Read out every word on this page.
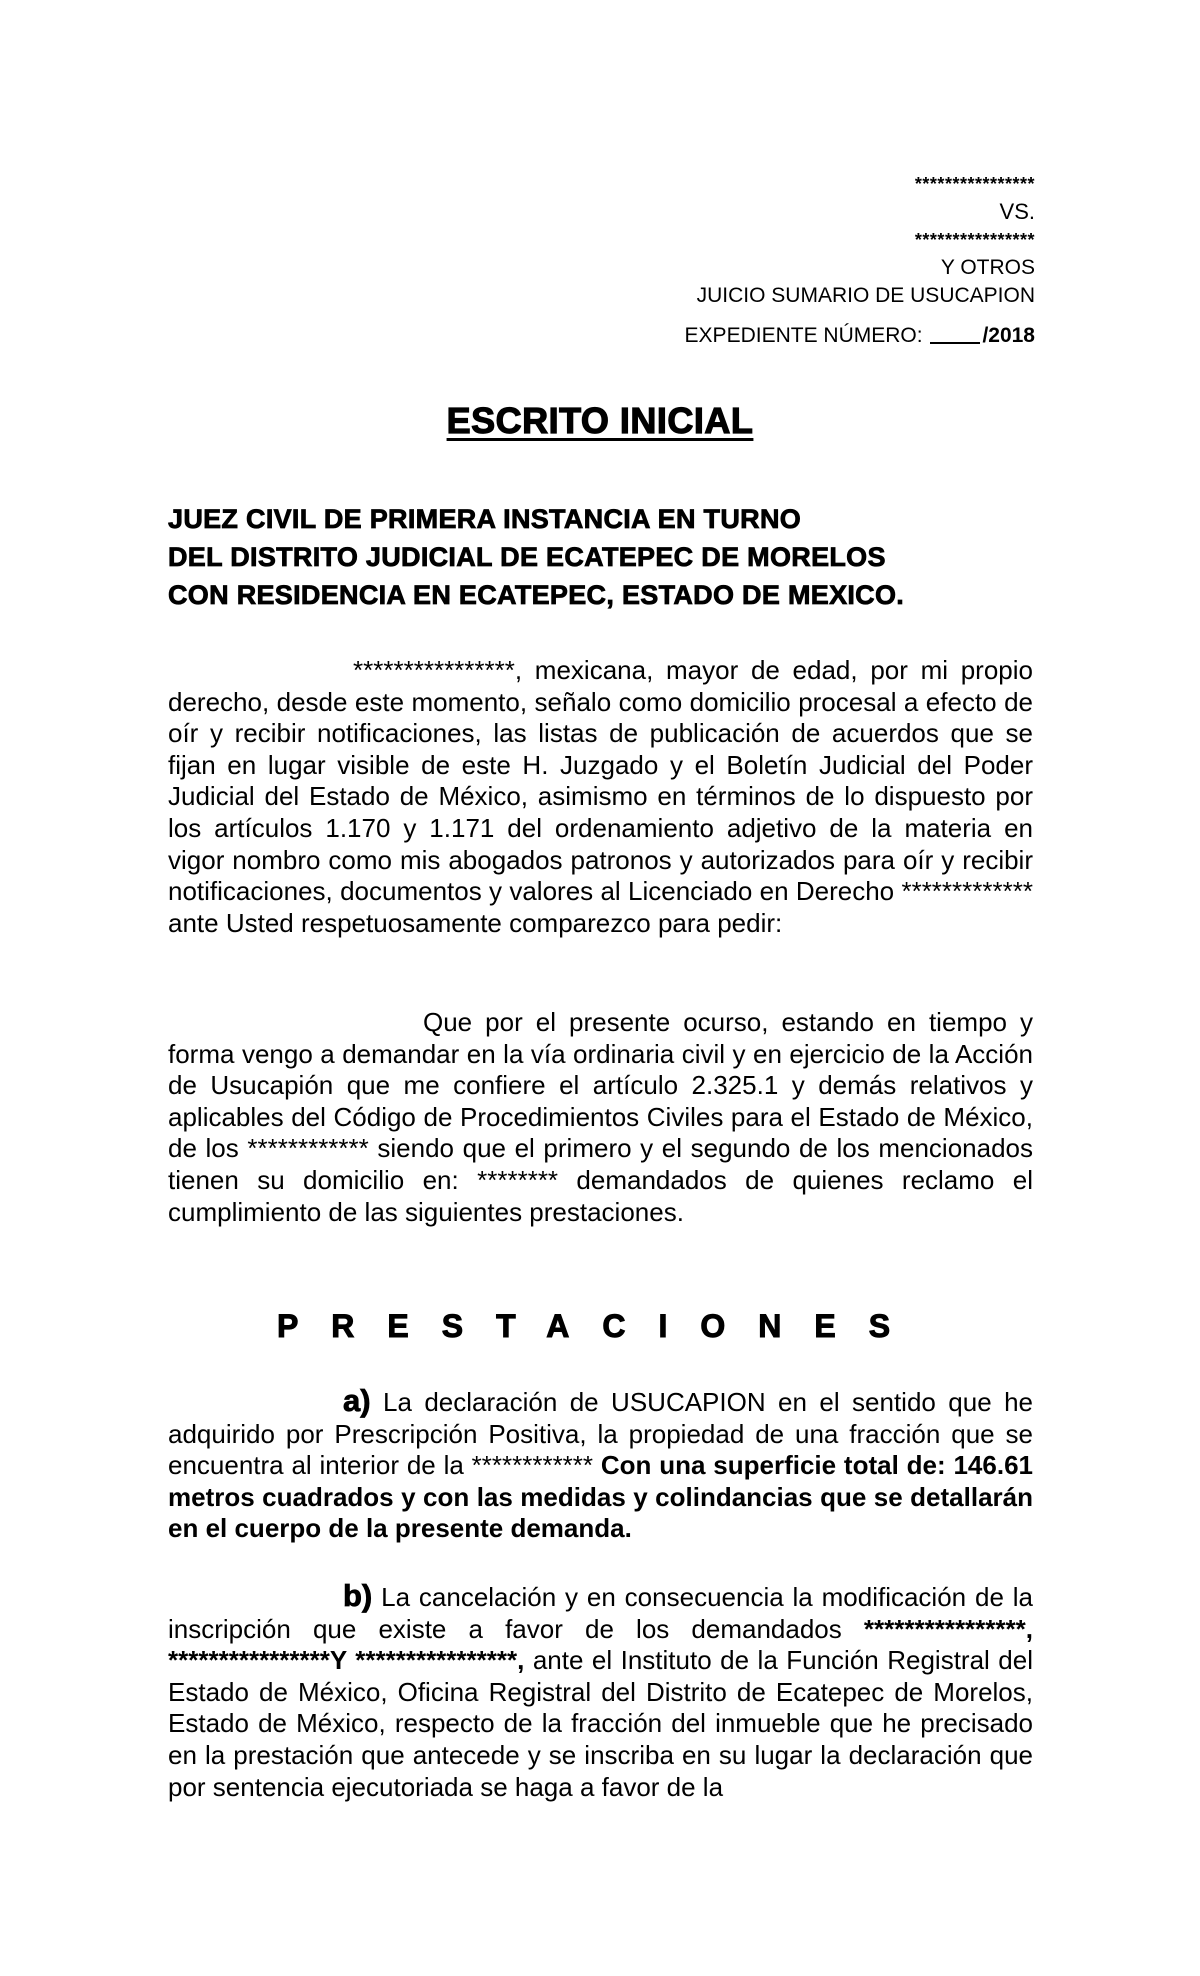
****************
VS.
****************
Y OTROS
JUICIO SUMARIO DE USUCAPION
EXPEDIENTE NÚMERO:	/2018
ESCRITO INICIAL
JUEZ CIVIL DE PRIMERA INSTANCIA EN TURNO
DEL DISTRITO JUDICIAL DE ECATEPEC DE MORELOS
CON RESIDENCIA EN ECATEPEC, ESTADO DE MEXICO.

****************, mexicana, mayor de edad, por mi propio derecho, desde este momento, señalo como domicilio procesal a efecto de oír y recibir notificaciones, las listas de publicación de acuerdos que se fijan en lugar visible de este H. Juzgado y el Boletín Judicial del Poder Judicial del Estado de México, asimismo en términos de lo dispuesto por los artículos 1.170 y 1.171 del ordenamiento adjetivo de la materia en vigor nombro como mis abogados patronos y autorizados para oír y recibir notificaciones, documentos y valores al Licenciado en Derecho ************* ante Usted respetuosamente comparezco para pedir:

Que por el presente ocurso, estando en tiempo y forma vengo a demandar en la vía ordinaria civil y en ejercicio de la Acción de Usucapión que me confiere el artículo 2.325.1 y demás relativos y aplicables del Código de Procedimientos Civiles para el Estado de México, de los ************ siendo que el primero y el segundo de los mencionados tienen su domicilio en: ******** demandados de quienes reclamo el cumplimiento de las siguientes prestaciones.

PRESTACIONES

a) La declaración de USUCAPION en el sentido que he adquirido por Prescripción Positiva, la propiedad de una fracción que se encuentra al interior de la ************ Con una superficie total de: 146.61 metros cuadrados y con las medidas y colindancias que se detallarán en el cuerpo de la presente demanda.

b) La cancelación y en consecuencia la modificación de la inscripción que existe a favor de los demandados ****************, ****************Y ****************, ante el Instituto de la Función Registral del Estado de México, Oficina Registral del Distrito de Ecatepec de Morelos, Estado de México, respecto de la fracción del inmueble que he precisado en la prestación que antecede y se inscriba en su lugar la declaración que por sentencia ejecutoriada se haga a favor de la
